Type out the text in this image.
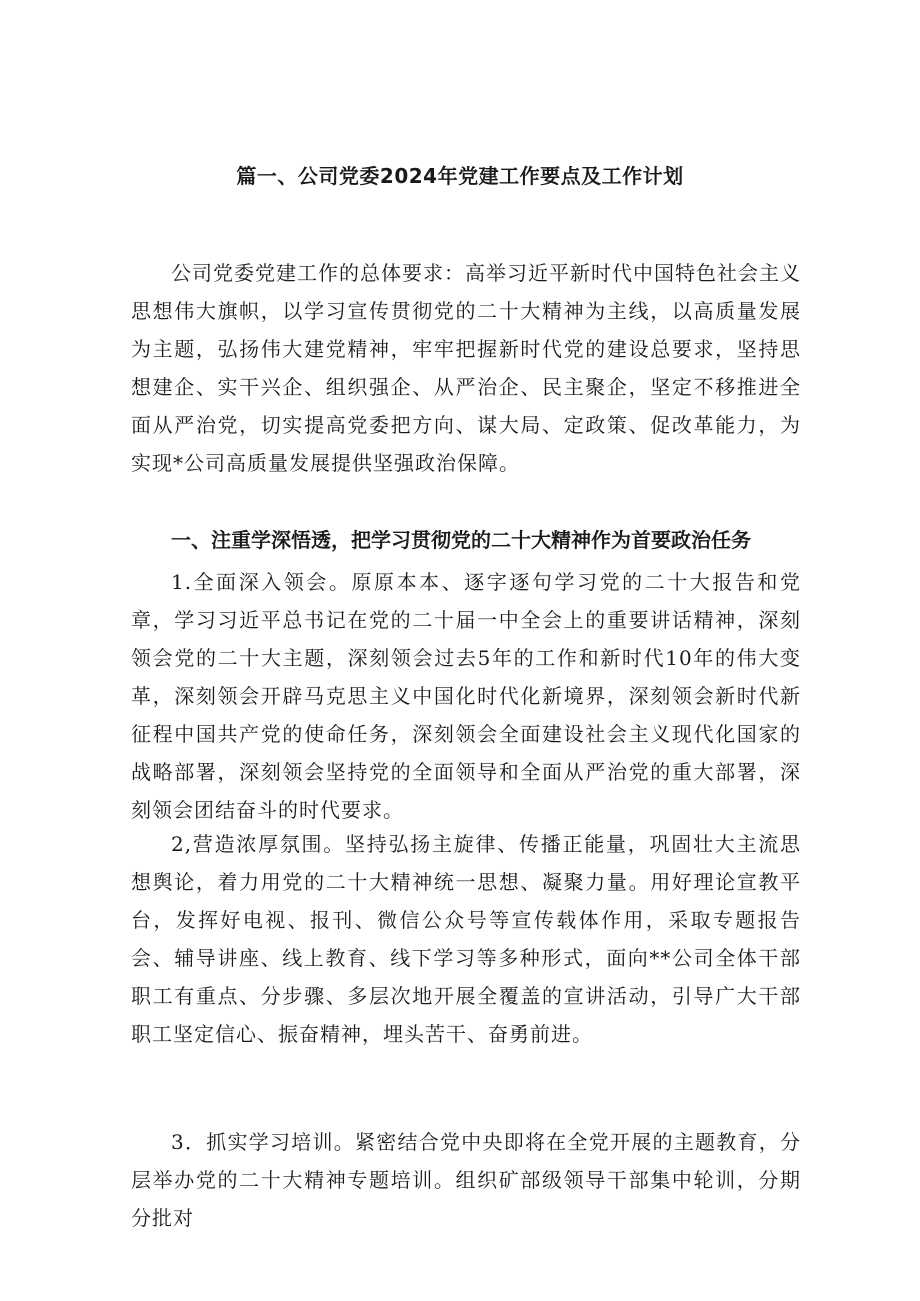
篇一、公司党委2024年党建工作要点及工作计划

公司党委党建工作的总体要求：高举习近平新时代中国特色社会主义思想伟大旗帜，以学习宣传贯彻党的二十大精神为主线，以高质量发展为主题，弘扬伟大建党精神，牢牢把握新时代党的建设总要求，坚持思想建企、实干兴企、组织强企、从严治企、民主聚企，坚定不移推进全面从严治党，切实提高党委把方向、谋大局、定政策、促改革能力，为实现*公司高质量发展提供坚强政治保障。

一、注重学深悟透，把学习贯彻党的二十大精神作为首要政治任务

1.全面深入领会。原原本本、逐字逐句学习党的二十大报告和党章，学习习近平总书记在党的二十届一中全会上的重要讲话精神，深刻领会党的二十大主题，深刻领会过去5年的工作和新时代10年的伟大变革，深刻领会开辟马克思主义中国化时代化新境界，深刻领会新时代新征程中国共产党的使命任务，深刻领会全面建设社会主义现代化国家的战略部署，深刻领会坚持党的全面领导和全面从严治党的重大部署，深刻领会团结奋斗的时代要求。

2,营造浓厚氛围。坚持弘扬主旋律、传播正能量，巩固壮大主流思想舆论，着力用党的二十大精神统一思想、凝聚力量。用好理论宣教平台，发挥好电视、报刊、微信公众号等宣传载体作用，采取专题报告会、辅导讲座、线上教育、线下学习等多种形式，面向**公司全体干部职工有重点、分步骤、多层次地开展全覆盖的宣讲活动，引导广大干部职工坚定信心、振奋精神，埋头苦干、奋勇前进。

3．抓实学习培训。紧密结合党中央即将在全党开展的主题教育，分层举办党的二十大精神专题培训。组织矿部级领导干部集中轮训，分期分批对
